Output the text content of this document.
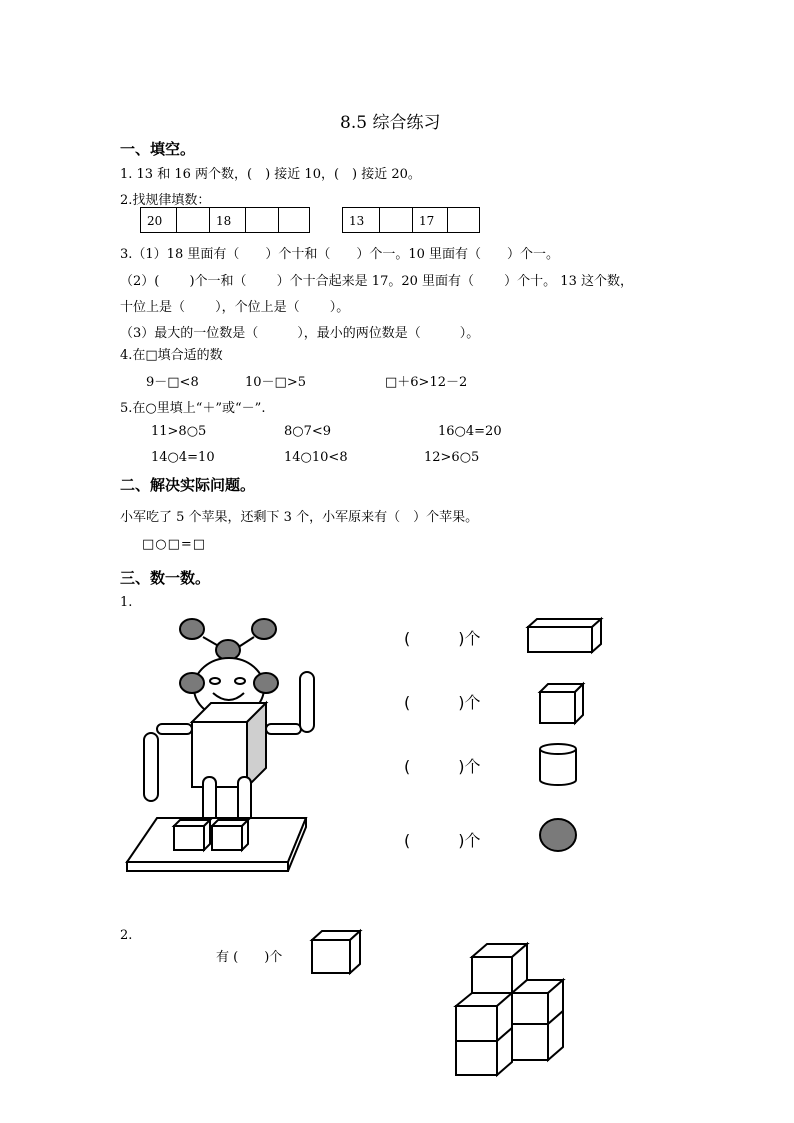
8.5 综合练习
一、填空。
1. 13 和 16 两个数，(　) 接近 10，(　) 接近 20。
2.找规律填数：
20	18	13	17
3.（1）18 里面有（　　）个十和（　　）个一。10 里面有（　　）个一。
（2）(　　 )个一和（　　 ）个十合起来是 17。20 里面有（　　 ）个十。 13 这个数，
十位上是（　　 ），个位上是（　　 ）。
（3）最大的一位数是（　　　），最小的两位数是（　　　）。
4.在□填合适的数
9－□<8	10－□>5	□＋6>12－2
5.在○里填上“＋”或“－”.
11>8○5	8○7<9	16○4=20
14○4=10	14○10<8	12>6○5
二、解决实际问题。
小军吃了 5 个苹果，还剩下 3 个，小军原来有（　）个苹果。
□○□=□
三、数一数。
1.
(　　　)个
(　　　)个
(　　　)个
(　　　)个
2.
有 (　　)个
